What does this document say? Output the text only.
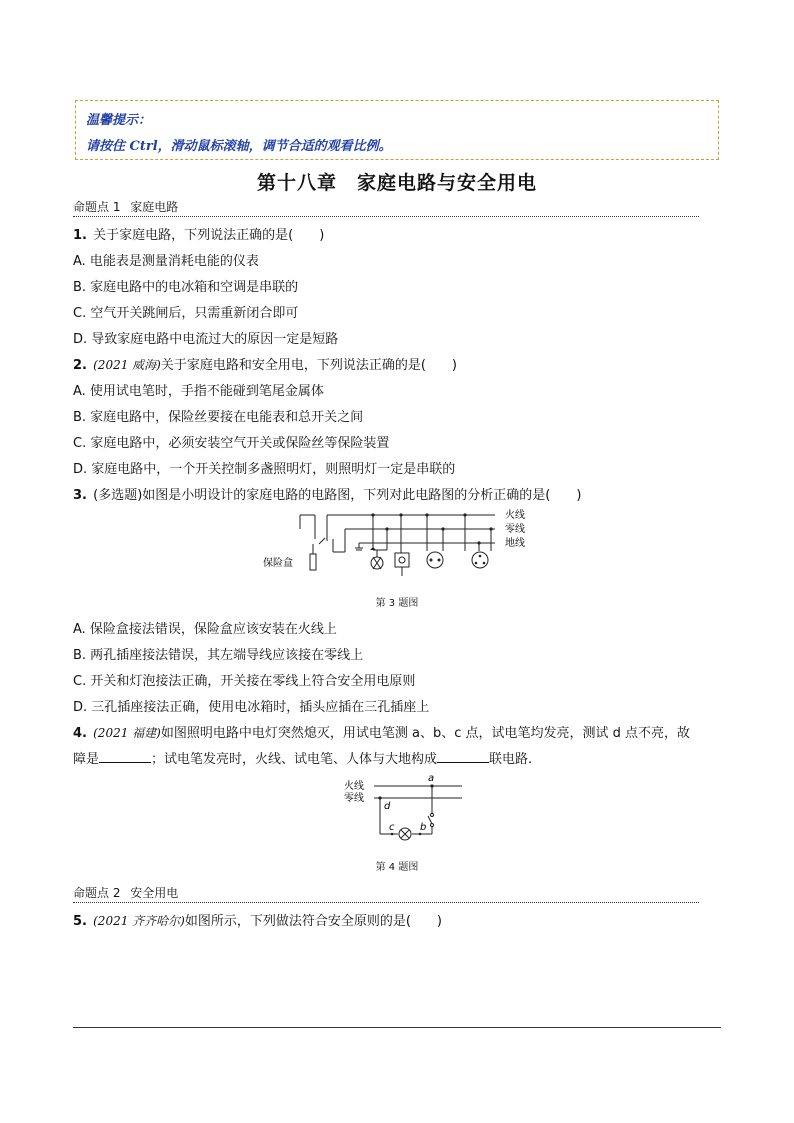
温馨提示：
请按住 Ctrl，滑动鼠标滚轴，调节合适的观看比例。
第十八章　家庭电路与安全用电
命题点 1 家庭电路
1. 关于家庭电路，下列说法正确的是(　　)
A. 电能表是测量消耗电能的仪表
B. 家庭电路中的电冰箱和空调是串联的
C. 空气开关跳闸后，只需重新闭合即可
D. 导致家庭电路中电流过大的原因一定是短路
2. (2021 威海)关于家庭电路和安全用电，下列说法正确的是(　　)
A. 使用试电笔时，手指不能碰到笔尾金属体
B. 家庭电路中，保险丝要接在电能表和总开关之间
C. 家庭电路中，必须安装空气开关或保险丝等保险装置
D. 家庭电路中，一个开关控制多盏照明灯，则照明灯一定是串联的
3. (多选题)如图是小明设计的家庭电路的电路图，下列对此电路图的分析正确的是(　　)
火线
零线
地线
保险盒
第 3 题图
A. 保险盒接法错误，保险盒应该安装在火线上
B. 两孔插座接法错误，其左端导线应该接在零线上
C. 开关和灯泡接法正确，开关接在零线上符合安全用电原则
D. 三孔插座接法正确，使用电冰箱时，插头应插在三孔插座上
4. (2021 福建)如图照明电路中电灯突然熄灭，用试电笔测 a、b、c 点，试电笔均发亮，测试 d 点不亮，故
障是	；试电笔发亮时，火线、试电笔、人体与大地构成	联电路.
火线
零线
a
d
c	b
第 4 题图
命题点 2 安全用电
5. (2021 齐齐哈尔)如图所示，下列做法符合安全原则的是(　　)
